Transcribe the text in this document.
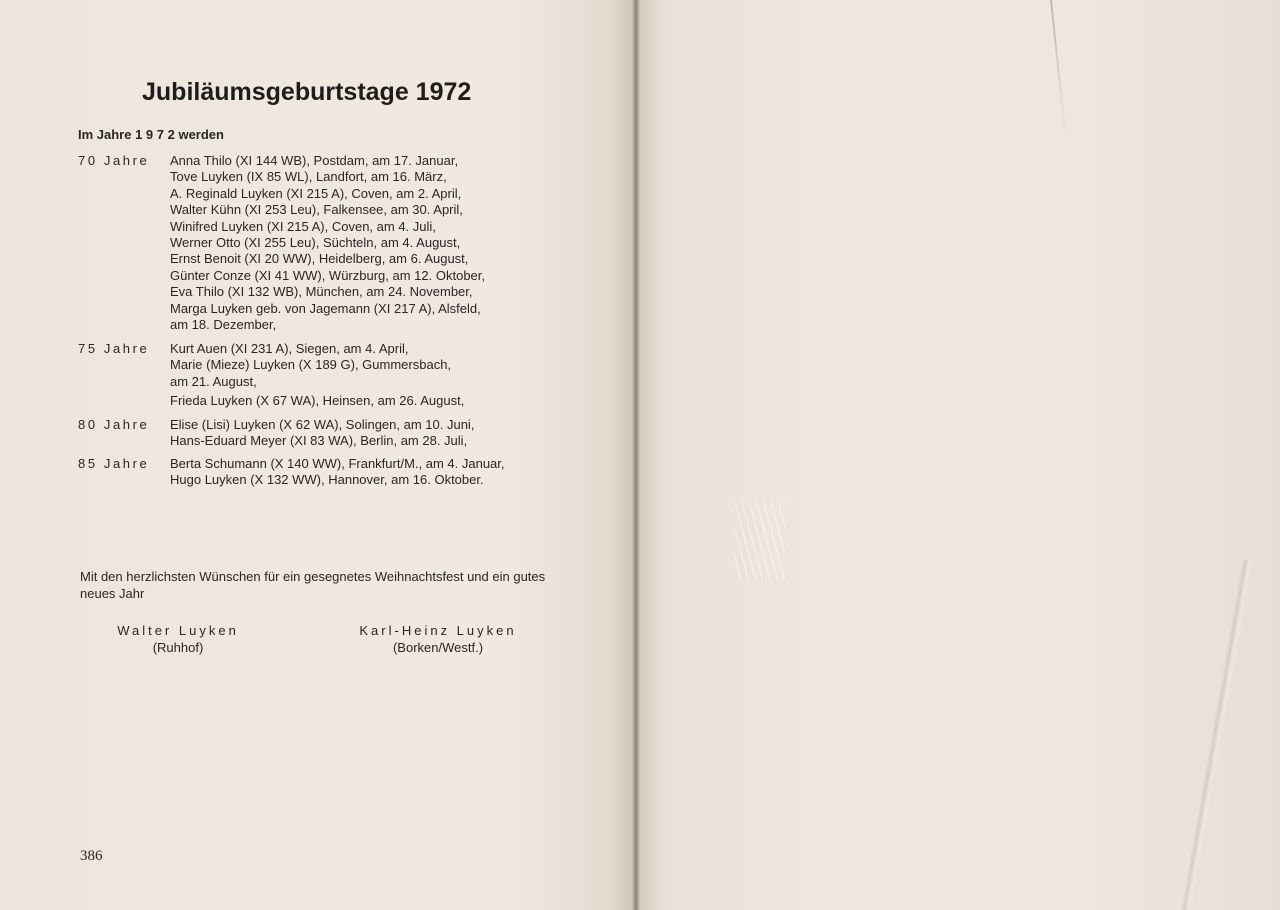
Jubiläumsgeburtstage 1972

Im Jahre 1 9 7 2 werden

70 Jahre	Anna Thilo (XI 144 WB), Postdam, am 17. Januar,
Tove Luyken (IX 85 WL), Landfort, am 16. März,
A. Reginald Luyken (XI 215 A), Coven, am 2. April,
Walter Kühn (XI 253 Leu), Falkensee, am 30. April,
Winifred Luyken (XI 215 A), Coven, am 4. Juli,
Werner Otto (XI 255 Leu), Süchteln, am 4. August,
Ernst Benoit (XI 20 WW), Heidelberg, am 6. August,
Günter Conze (XI 41 WW), Würzburg, am 12. Oktober,
Eva Thilo (XI 132 WB), München, am 24. November,
Marga Luyken geb. von Jagemann (XI 217 A), Alsfeld,
am 18. Dezember,
75 Jahre	Kurt Auen (XI 231 A), Siegen, am 4. April,
Marie (Mieze) Luyken (X 189 G), Gummersbach,
am 21. August,
Frieda Luyken (X 67 WA), Heinsen, am 26. August,
80 Jahre	Elise (Lisi) Luyken (X 62 WA), Solingen, am 10. Juni,
Hans-Eduard Meyer (XI 83 WA), Berlin, am 28. Juli,
85 Jahre	Berta Schumann (X 140 WW), Frankfurt/M., am 4. Januar,
Hugo Luyken (X 132 WW), Hannover, am 16. Oktober.

Mit den herzlichsten Wünschen für ein gesegnetes Weihnachtsfest und ein gutes neues Jahr

Walter Luyken
(Ruhhof)
Karl-Heinz Luyken
(Borken/Westf.)
386
